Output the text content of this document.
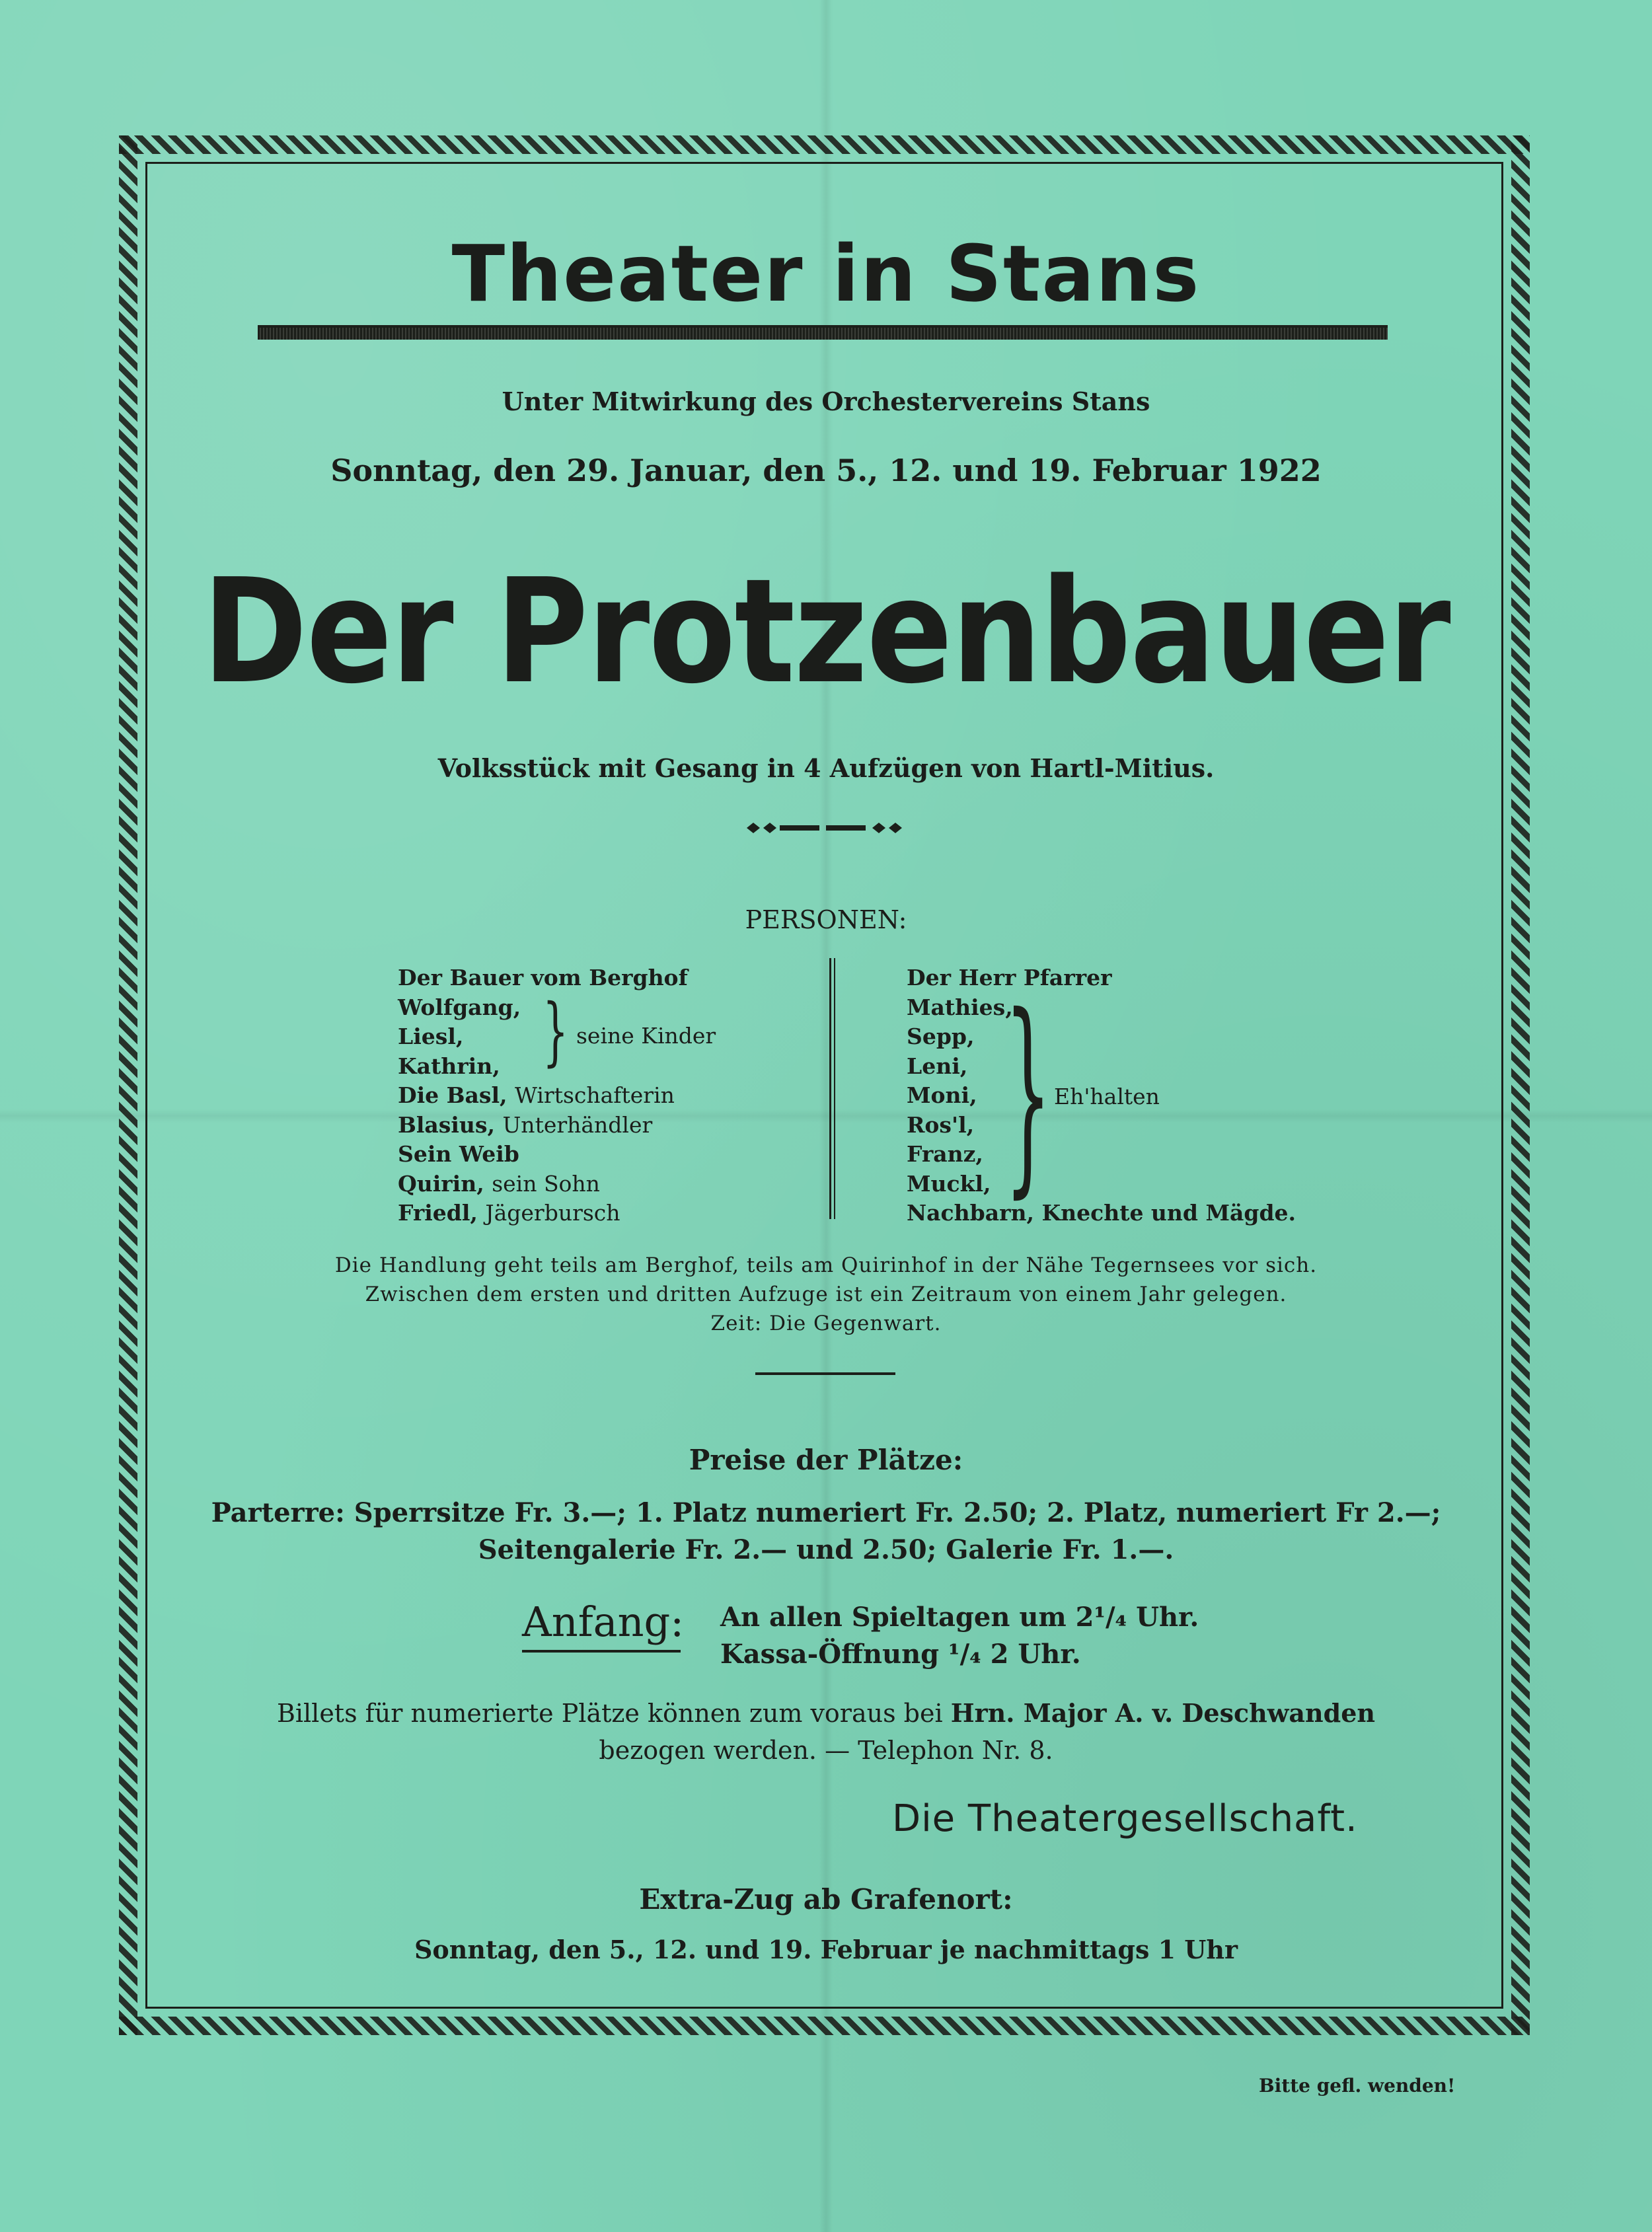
Theater in Stans
Unter Mitwirkung des Orchestervereins Stans
Sonntag, den 29. Januar, den 5., 12. und 19. Februar 1922
Der Protzenbauer
Volksstück mit Gesang in 4 Aufzügen von Hartl-Mitius.
PERSONEN:
Der Bauer vom Berghof
Wolfgang,
Liesl,
Kathrin,
Die Basl, Wirtschafterin
Blasius, Unterhändler
Sein Weib
Quirin, sein Sohn
Friedl, Jägerbursch
} seine Kinder
Der Herr Pfarrer
Mathies,
Sepp,
Leni,
Moni,
Ros'l,
Franz,
Muckl,
Nachbarn, Knechte und Mägde.
} Eh'halten
Die Handlung geht teils am Berghof, teils am Quirinhof in der Nähe Tegernsees vor sich.
Zwischen dem ersten und dritten Aufzuge ist ein Zeitraum von einem Jahr gelegen.
Zeit: Die Gegenwart.
Preise der Plätze:
Parterre: Sperrsitze Fr. 3.—; 1. Platz numeriert Fr. 2.50; 2. Platz, numeriert Fr 2.—;
Seitengalerie Fr. 2.— und 2.50; Galerie Fr. 1.—.
Anfang: An allen Spieltagen um 2¹/₄ Uhr.
Kassa-Öffnung ¹/₄ 2 Uhr.
Billets für numerierte Plätze können zum voraus bei Hrn. Major A. v. Deschwanden
bezogen werden. — Telephon Nr. 8.
Die Theatergesellschaft.
Extra-Zug ab Grafenort:
Sonntag, den 5., 12. und 19. Februar je nachmittags 1 Uhr
Bitte gefl. wenden!
